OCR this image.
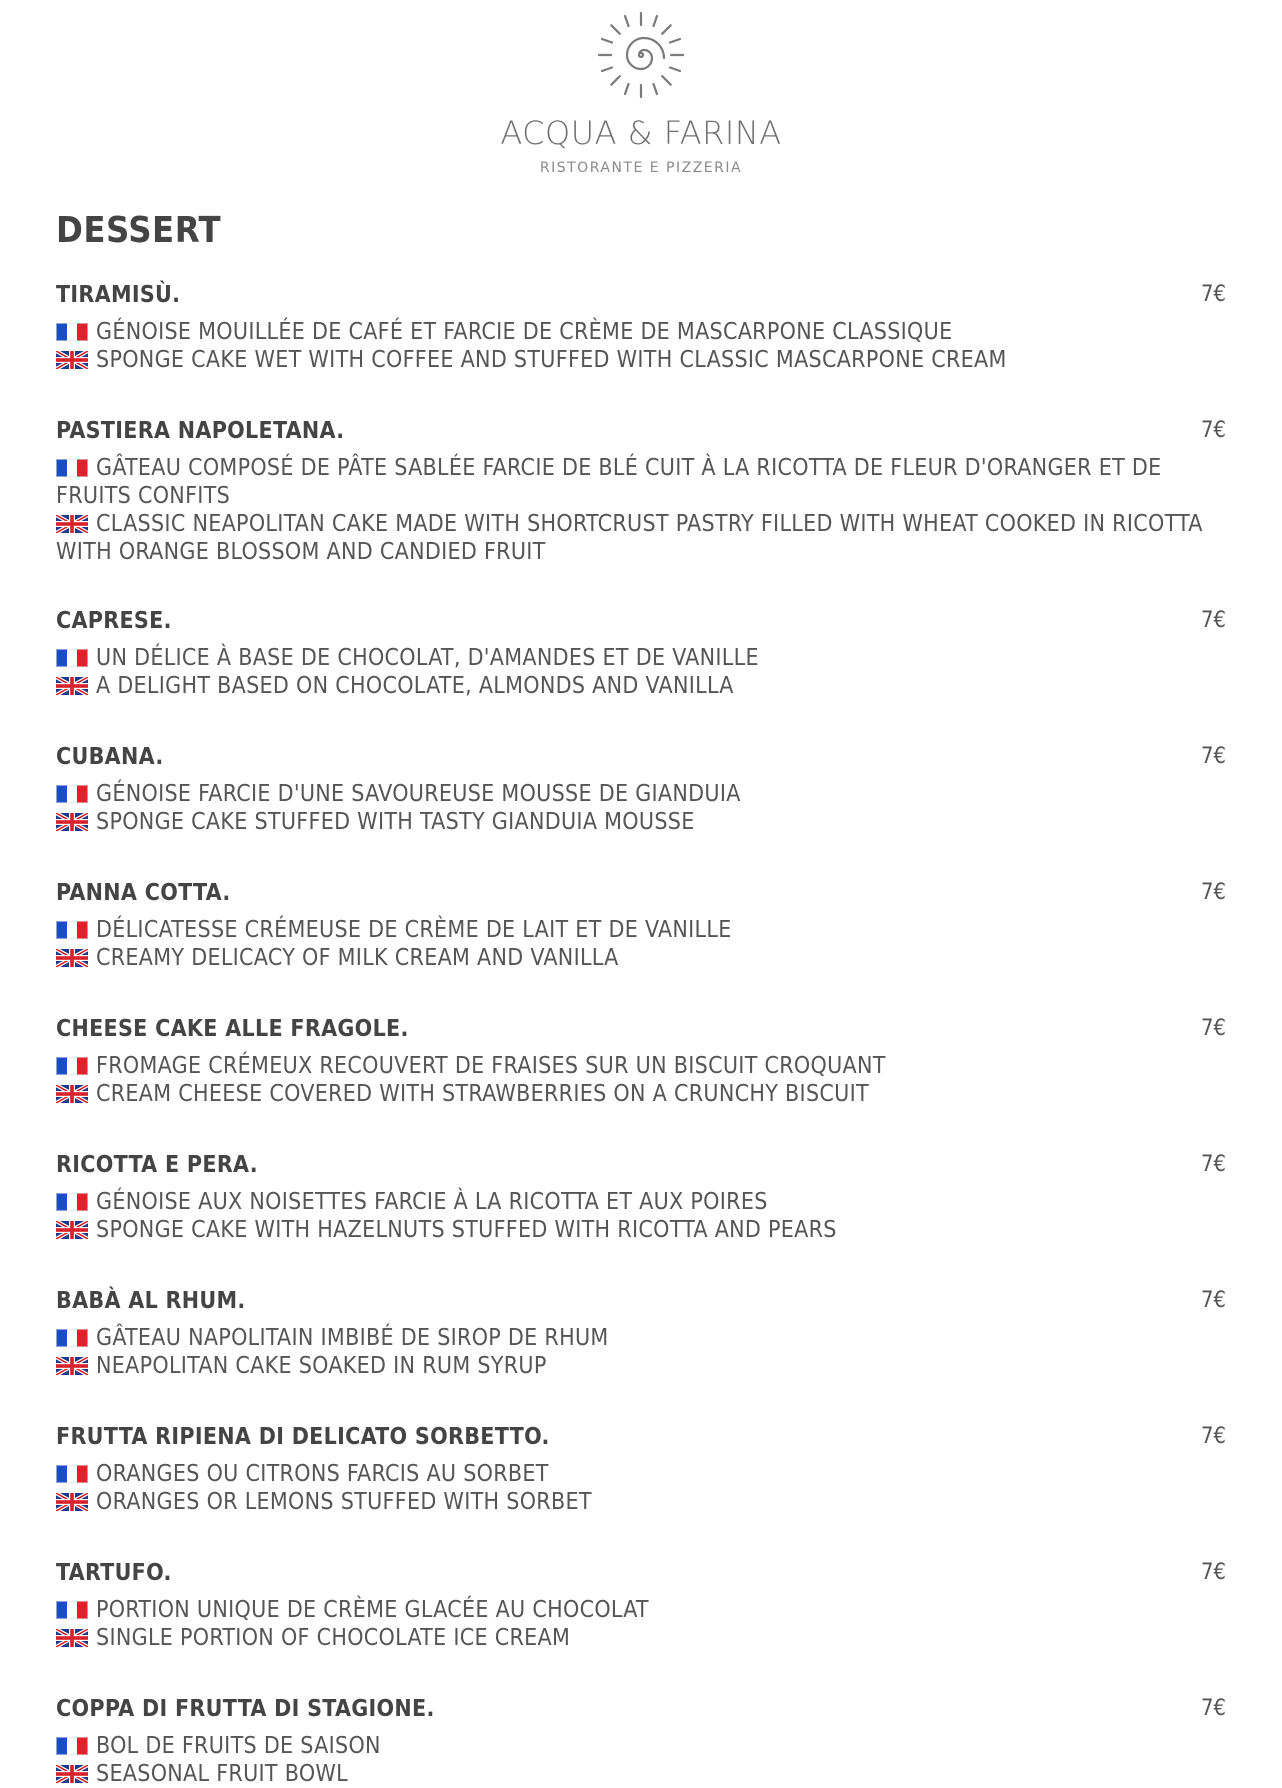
ACQUA & FARINA
RISTORANTE E PIZZERIA
DESSERT
TIRAMISÙ.	7€
GÉNOISE MOUILLÉE DE CAFÉ ET FARCIE DE CRÈME DE MASCARPONE CLASSIQUE
SPONGE CAKE WET WITH COFFEE AND STUFFED WITH CLASSIC MASCARPONE CREAM
PASTIERA NAPOLETANA.	7€
GÂTEAU COMPOSÉ DE PÂTE SABLÉE FARCIE DE BLÉ CUIT À LA RICOTTA DE FLEUR D'ORANGER ET DE FRUITS CONFITS
CLASSIC NEAPOLITAN CAKE MADE WITH SHORTCRUST PASTRY FILLED WITH WHEAT COOKED IN RICOTTA WITH ORANGE BLOSSOM AND CANDIED FRUIT
CAPRESE.	7€
UN DÉLICE À BASE DE CHOCOLAT, D'AMANDES ET DE VANILLE
A DELIGHT BASED ON CHOCOLATE, ALMONDS AND VANILLA
CUBANA.	7€
GÉNOISE FARCIE D'UNE SAVOUREUSE MOUSSE DE GIANDUIA
SPONGE CAKE STUFFED WITH TASTY GIANDUIA MOUSSE
PANNA COTTA.	7€
DÉLICATESSE CRÉMEUSE DE CRÈME DE LAIT ET DE VANILLE
CREAMY DELICACY OF MILK CREAM AND VANILLA
CHEESE CAKE ALLE FRAGOLE.	7€
FROMAGE CRÉMEUX RECOUVERT DE FRAISES SUR UN BISCUIT CROQUANT
CREAM CHEESE COVERED WITH STRAWBERRIES ON A CRUNCHY BISCUIT
RICOTTA E PERA.	7€
GÉNOISE AUX NOISETTES FARCIE À LA RICOTTA ET AUX POIRES
SPONGE CAKE WITH HAZELNUTS STUFFED WITH RICOTTA AND PEARS
BABÀ AL RHUM.	7€
GÂTEAU NAPOLITAIN IMBIBÉ DE SIROP DE RHUM
NEAPOLITAN CAKE SOAKED IN RUM SYRUP
FRUTTA RIPIENA DI DELICATO SORBETTO.	7€
ORANGES OU CITRONS FARCIS AU SORBET
ORANGES OR LEMONS STUFFED WITH SORBET
TARTUFO.	7€
PORTION UNIQUE DE CRÈME GLACÉE AU CHOCOLAT
SINGLE PORTION OF CHOCOLATE ICE CREAM
COPPA DI FRUTTA DI STAGIONE.	7€
BOL DE FRUITS DE SAISON
SEASONAL FRUIT BOWL
